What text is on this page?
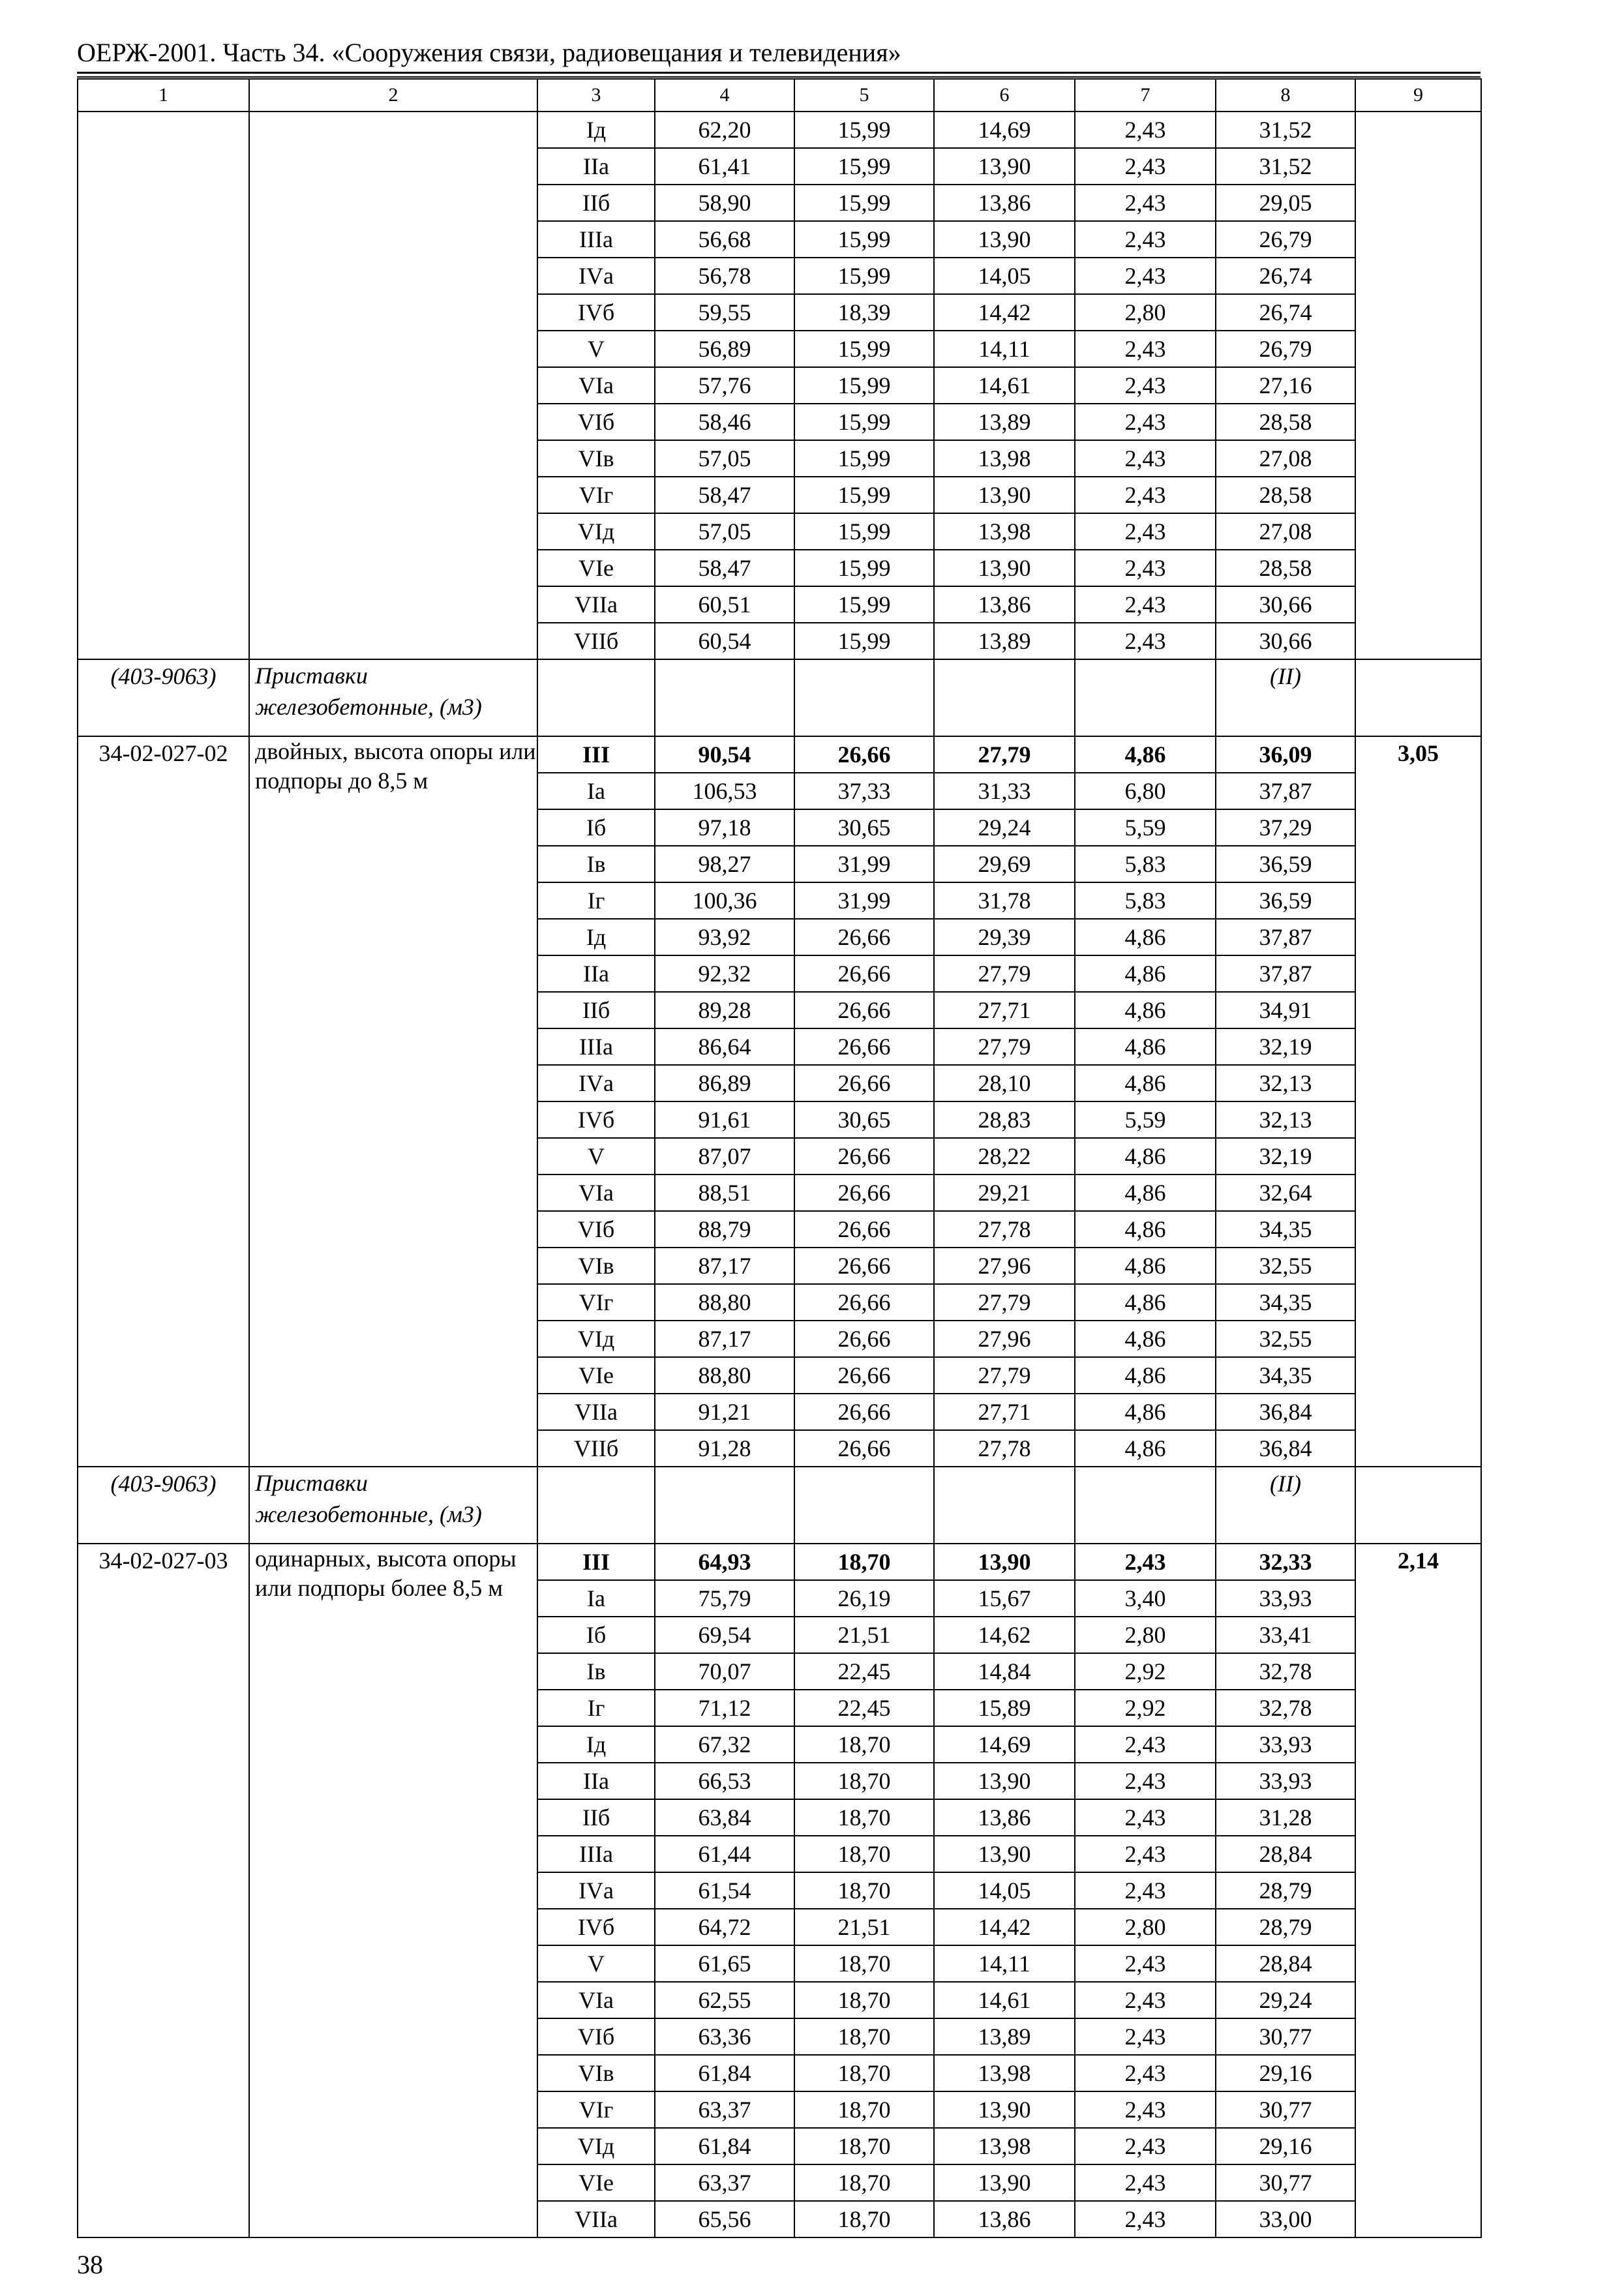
ОЕРЖ-2001. Часть 34. «Сооружения связи, радиовещания и телевидения»
1	2	3	4	5	6	7	8	9
		Iд	62,20	15,99	14,69	2,43	31,52	
		IIа	61,41	15,99	13,90	2,43	31,52	
		IIб	58,90	15,99	13,86	2,43	29,05	
		IIIа	56,68	15,99	13,90	2,43	26,79	
		IVа	56,78	15,99	14,05	2,43	26,74	
		IVб	59,55	18,39	14,42	2,80	26,74	
		V	56,89	15,99	14,11	2,43	26,79	
		VIа	57,76	15,99	14,61	2,43	27,16	
		VIб	58,46	15,99	13,89	2,43	28,58	
		VIв	57,05	15,99	13,98	2,43	27,08	
		VIг	58,47	15,99	13,90	2,43	28,58	
		VIд	57,05	15,99	13,98	2,43	27,08	
		VIе	58,47	15,99	13,90	2,43	28,58	
		VIIа	60,51	15,99	13,86	2,43	30,66	
		VIIб	60,54	15,99	13,89	2,43	30,66	
(403-9063)	Приставки железобетонные, (м3)						(II)	
34-02-027-02	двойных, высота опоры или подпоры до 8,5 м	III	90,54	26,66	27,79	4,86	36,09	3,05
		Iа	106,53	37,33	31,33	6,80	37,87	
		Iб	97,18	30,65	29,24	5,59	37,29	
		Iв	98,27	31,99	29,69	5,83	36,59	
		Iг	100,36	31,99	31,78	5,83	36,59	
		Iд	93,92	26,66	29,39	4,86	37,87	
		IIа	92,32	26,66	27,79	4,86	37,87	
		IIб	89,28	26,66	27,71	4,86	34,91	
		IIIа	86,64	26,66	27,79	4,86	32,19	
		IVа	86,89	26,66	28,10	4,86	32,13	
		IVб	91,61	30,65	28,83	5,59	32,13	
		V	87,07	26,66	28,22	4,86	32,19	
		VIа	88,51	26,66	29,21	4,86	32,64	
		VIб	88,79	26,66	27,78	4,86	34,35	
		VIв	87,17	26,66	27,96	4,86	32,55	
		VIг	88,80	26,66	27,79	4,86	34,35	
		VIд	87,17	26,66	27,96	4,86	32,55	
		VIе	88,80	26,66	27,79	4,86	34,35	
		VIIа	91,21	26,66	27,71	4,86	36,84	
		VIIб	91,28	26,66	27,78	4,86	36,84	
(403-9063)	Приставки железобетонные, (м3)						(II)	
34-02-027-03	одинарных, высота опоры или подпоры более 8,5 м	III	64,93	18,70	13,90	2,43	32,33	2,14
		Iа	75,79	26,19	15,67	3,40	33,93	
		Iб	69,54	21,51	14,62	2,80	33,41	
		Iв	70,07	22,45	14,84	2,92	32,78	
		Iг	71,12	22,45	15,89	2,92	32,78	
		Iд	67,32	18,70	14,69	2,43	33,93	
		IIа	66,53	18,70	13,90	2,43	33,93	
		IIб	63,84	18,70	13,86	2,43	31,28	
		IIIа	61,44	18,70	13,90	2,43	28,84	
		IVа	61,54	18,70	14,05	2,43	28,79	
		IVб	64,72	21,51	14,42	2,80	28,79	
		V	61,65	18,70	14,11	2,43	28,84	
		VIа	62,55	18,70	14,61	2,43	29,24	
		VIб	63,36	18,70	13,89	2,43	30,77	
		VIв	61,84	18,70	13,98	2,43	29,16	
		VIг	63,37	18,70	13,90	2,43	30,77	
		VIд	61,84	18,70	13,98	2,43	29,16	
		VIе	63,37	18,70	13,90	2,43	30,77	
		VIIа	65,56	18,70	13,86	2,43	33,00	
38
